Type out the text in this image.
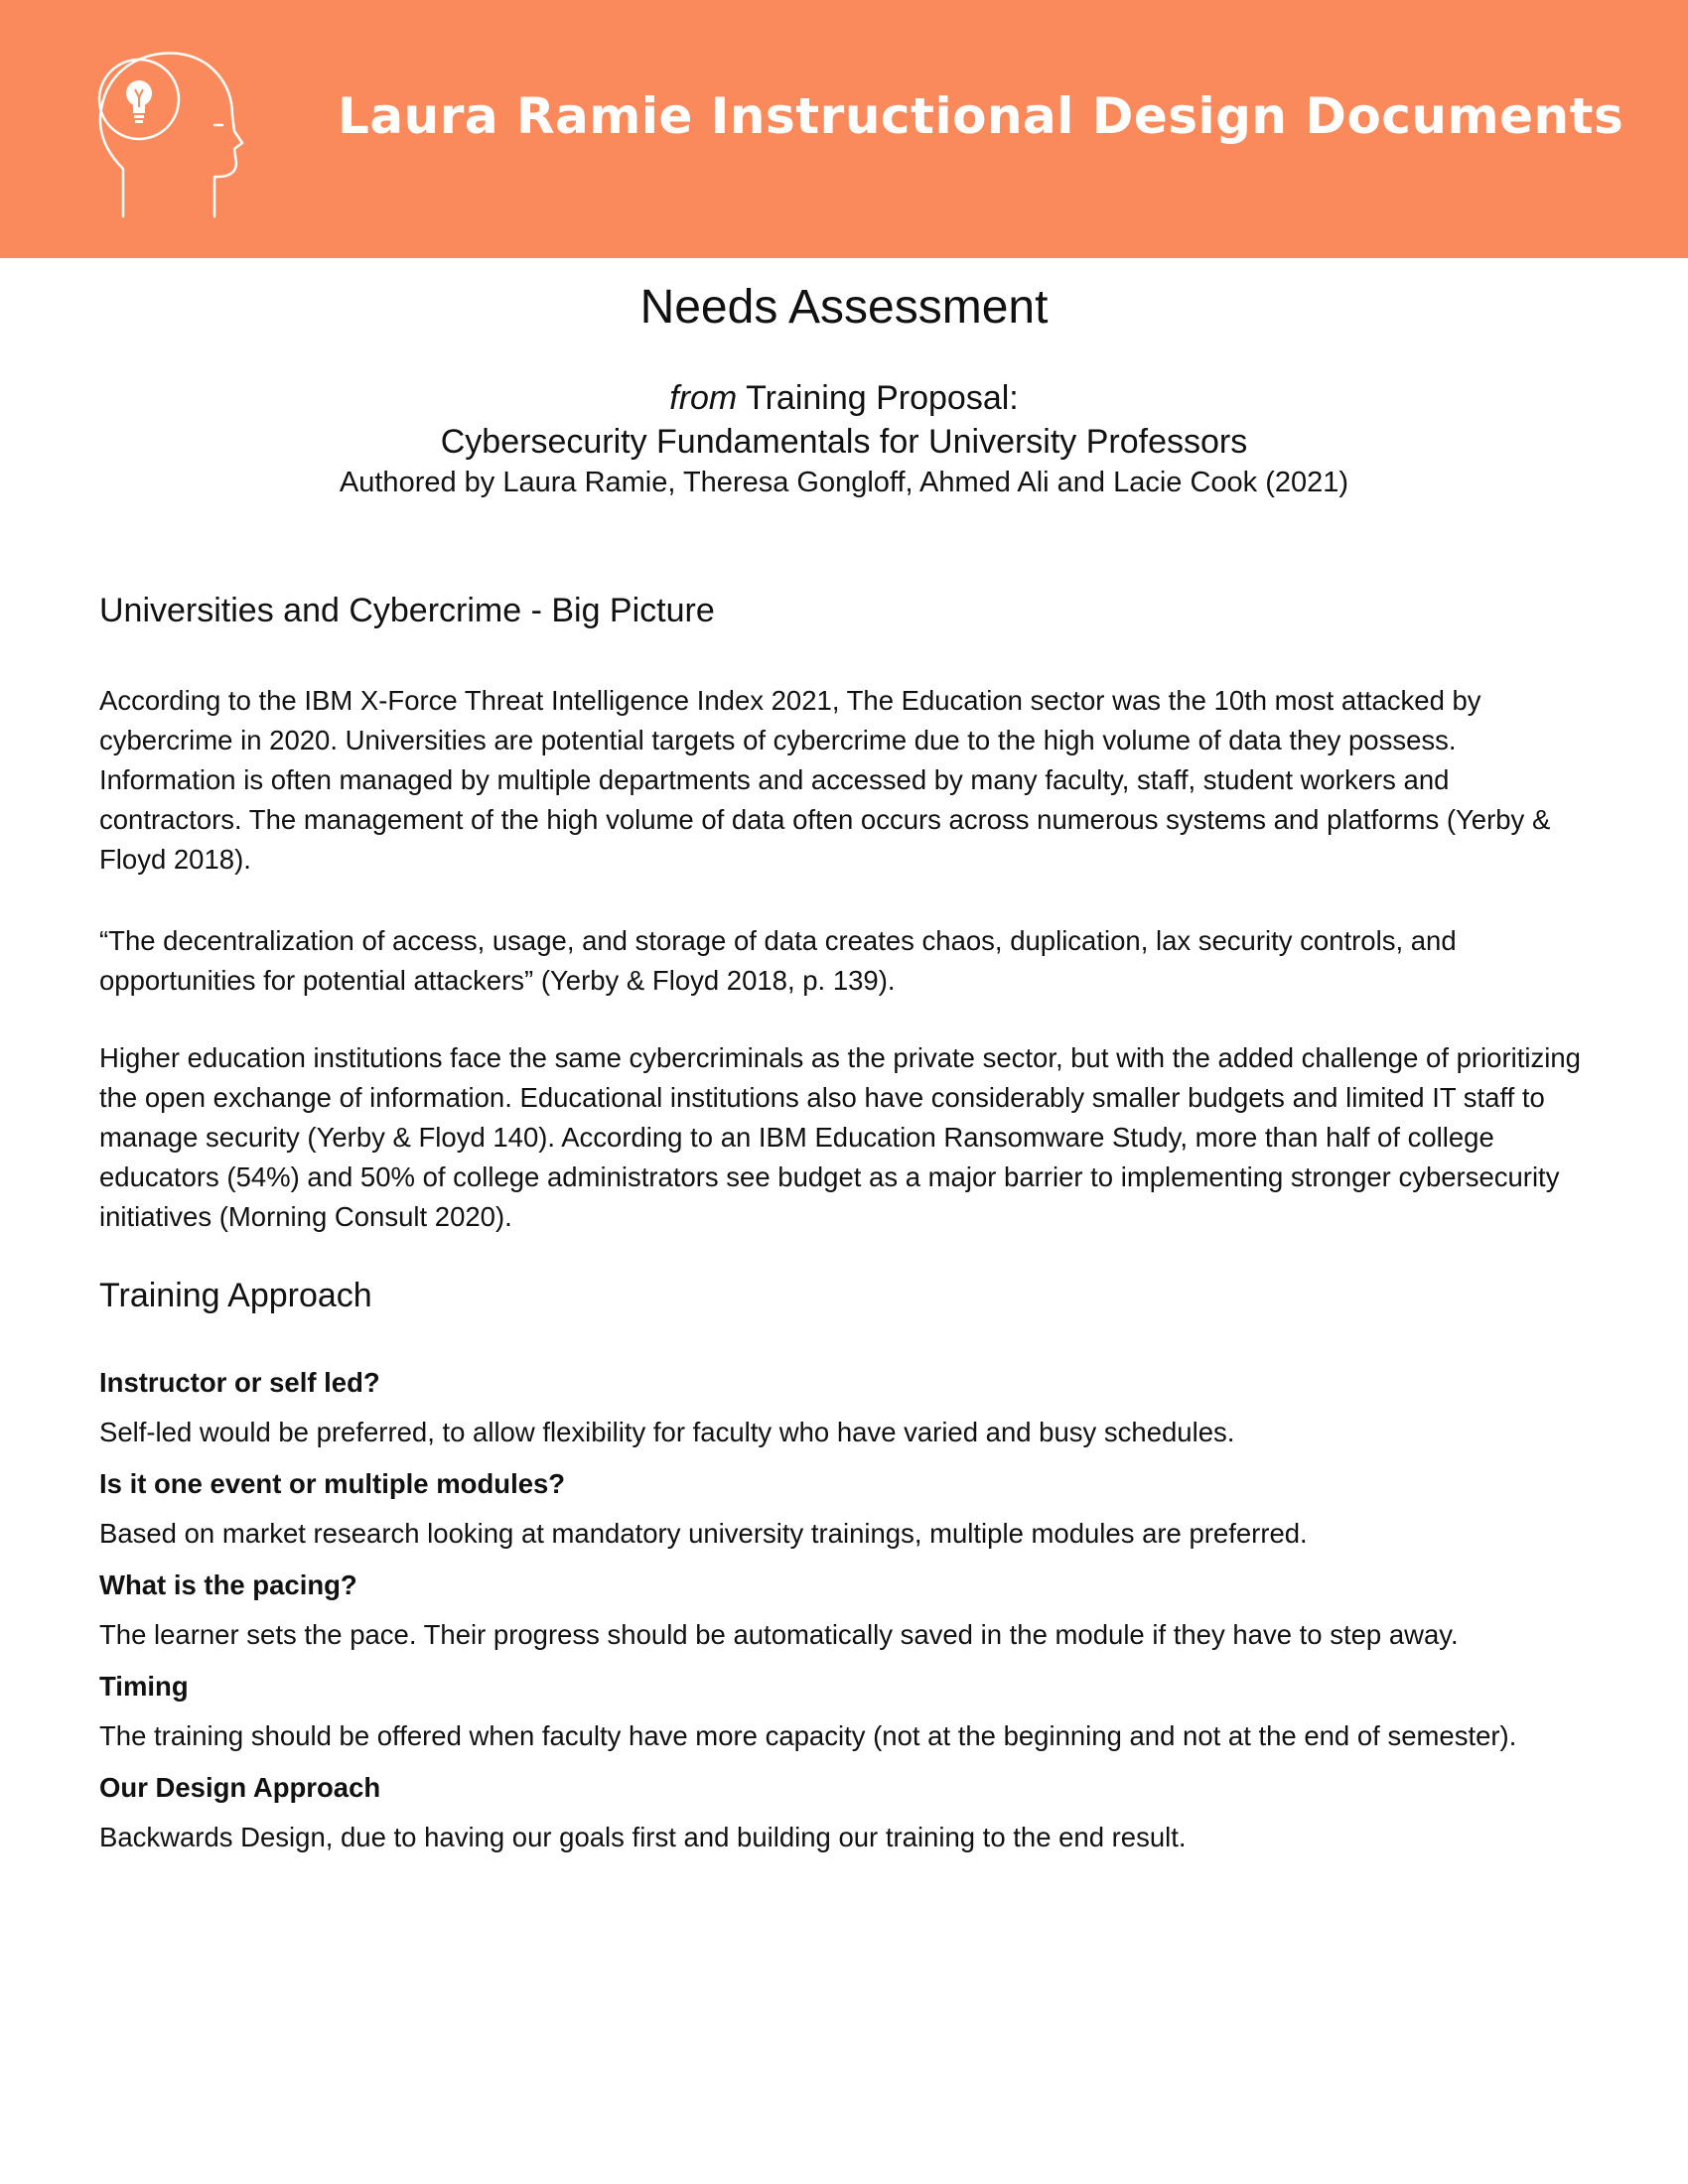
Laura Ramie Instructional Design Documents
Needs Assessment
from Training Proposal:
Cybersecurity Fundamentals for University Professors
Authored by Laura Ramie, Theresa Gongloff, Ahmed Ali and Lacie Cook (2021)
Universities and Cybercrime - Big Picture

According to the IBM X-Force Threat Intelligence Index 2021, The Education sector was the 10th most attacked by cybercrime in 2020. Universities are potential targets of cybercrime due to the high volume of data they possess. Information is often managed by multiple departments and accessed by many faculty, staff, student workers and contractors. The management of the high volume of data often occurs across numerous systems and platforms (Yerby & Floyd 2018).

“The decentralization of access, usage, and storage of data creates chaos, duplication, lax security controls, and opportunities for potential attackers” (Yerby & Floyd 2018, p. 139).

Higher education institutions face the same cybercriminals as the private sector, but with the added challenge of prioritizing the open exchange of information. Educational institutions also have considerably smaller budgets and limited IT staff to manage security (Yerby & Floyd 140). According to an IBM Education Ransomware Study, more than half of college educators (54%) and 50% of college administrators see budget as a major barrier to implementing stronger cybersecurity initiatives (Morning Consult 2020).

Training Approach
Instructor or self led?

Self-led would be preferred, to allow flexibility for faculty who have varied and busy schedules.

Is it one event or multiple modules?

Based on market research looking at mandatory university trainings, multiple modules are preferred.

What is the pacing?

The learner sets the pace. Their progress should be automatically saved in the module if they have to step away.

Timing

The training should be offered when faculty have more capacity (not at the beginning and not at the end of semester).

Our Design Approach

Backwards Design, due to having our goals first and building our training to the end result.
